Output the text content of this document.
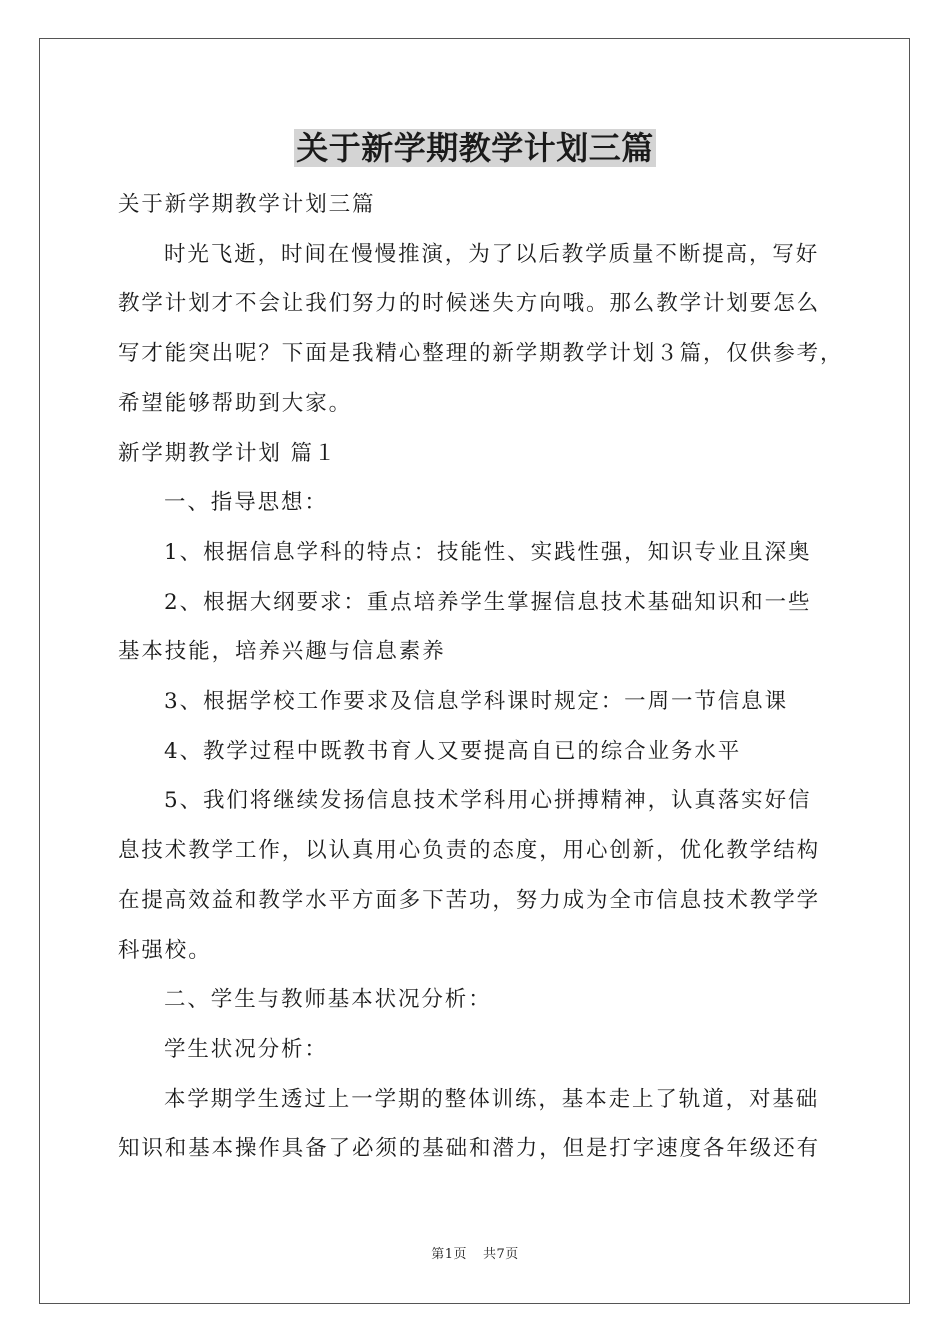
关于新学期教学计划三篇

关于新学期教学计划三篇

时光飞逝，时间在慢慢推演，为了以后教学质量不断提高，写好

教学计划才不会让我们努力的时候迷失方向哦。那么教学计划要怎么

写才能突出呢？下面是我精心整理的新学期教学计划３篇，仅供参考，

希望能够帮助到大家。

新学期教学计划 篇１

一、指导思想：

1、根据信息学科的特点：技能性、实践性强，知识专业且深奥

2、根据大纲要求：重点培养学生掌握信息技术基础知识和一些

基本技能，培养兴趣与信息素养

3、根据学校工作要求及信息学科课时规定：一周一节信息课

4、教学过程中既教书育人又要提高自已的综合业务水平

5、我们将继续发扬信息技术学科用心拼搏精神，认真落实好信

息技术教学工作，以认真用心负责的态度，用心创新，优化教学结构

在提高效益和教学水平方面多下苦功，努力成为全市信息技术教学学

科强校。

二、学生与教师基本状况分析：

学生状况分析：

本学期学生透过上一学期的整体训练，基本走上了轨道，对基础

知识和基本操作具备了必须的基础和潜力，但是打字速度各年级还有

第1页 共7页
